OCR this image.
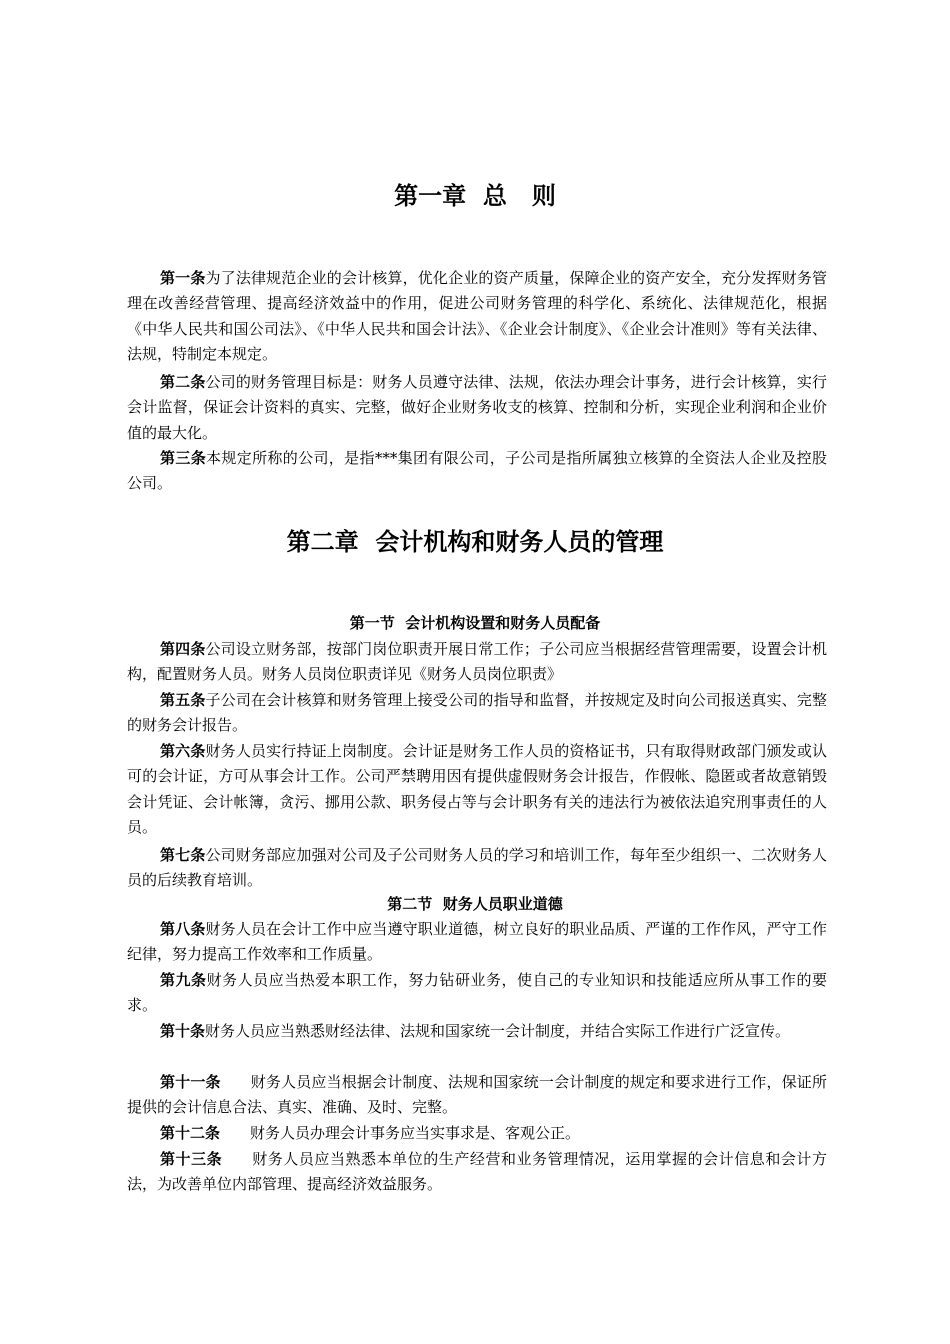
第一章  总   则

第一条为了法律规范企业的会计核算，优化企业的资产质量，保障企业的资产安全，充分发挥财务管理在改善经营管理、提高经济效益中的作用，促进公司财务管理的科学化、系统化、法律规范化，根据《中华人民共和国公司法》、《中华人民共和国会计法》、《企业会计制度》、《企业会计准则》等有关法律、法规，特制定本规定。

第二条公司的财务管理目标是：财务人员遵守法律、法规，依法办理会计事务，进行会计核算，实行会计监督，保证会计资料的真实、完整，做好企业财务收支的核算、控制和分析，实现企业利润和企业价值的最大化。

第三条本规定所称的公司，是指***集团有限公司，子公司是指所属独立核算的全资法人企业及控股公司。

第二章  会计机构和财务人员的管理
第一节  会计机构设置和财务人员配备

第四条公司设立财务部，按部门岗位职责开展日常工作；子公司应当根据经营管理需要，设置会计机构，配置财务人员。财务人员岗位职责详见《财务人员岗位职责》

第五条子公司在会计核算和财务管理上接受公司的指导和监督，并按规定及时向公司报送真实、完整的财务会计报告。

第六条财务人员实行持证上岗制度。会计证是财务工作人员的资格证书，只有取得财政部门颁发或认可的会计证，方可从事会计工作。公司严禁聘用因有提供虚假财务会计报告，作假帐、隐匿或者故意销毁会计凭证、会计帐簿，贪污、挪用公款、职务侵占等与会计职务有关的违法行为被依法追究刑事责任的人员。

第七条公司财务部应加强对公司及子公司财务人员的学习和培训工作，每年至少组织一、二次财务人员的后续教育培训。

第二节  财务人员职业道德

第八条财务人员在会计工作中应当遵守职业道德，树立良好的职业品质、严谨的工作作风，严守工作纪律，努力提高工作效率和工作质量。

第九条财务人员应当热爱本职工作，努力钻研业务，使自己的专业知识和技能适应所从事工作的要求。

第十条财务人员应当熟悉财经法律、法规和国家统一会计制度，并结合实际工作进行广泛宣传。

第十一条 财务人员应当根据会计制度、法规和国家统一会计制度的规定和要求进行工作，保证所提供的会计信息合法、真实、准确、及时、完整。

第十二条 财务人员办理会计事务应当实事求是、客观公正。

第十三条 财务人员应当熟悉本单位的生产经营和业务管理情况，运用掌握的会计信息和会计方法，为改善单位内部管理、提高经济效益服务。
